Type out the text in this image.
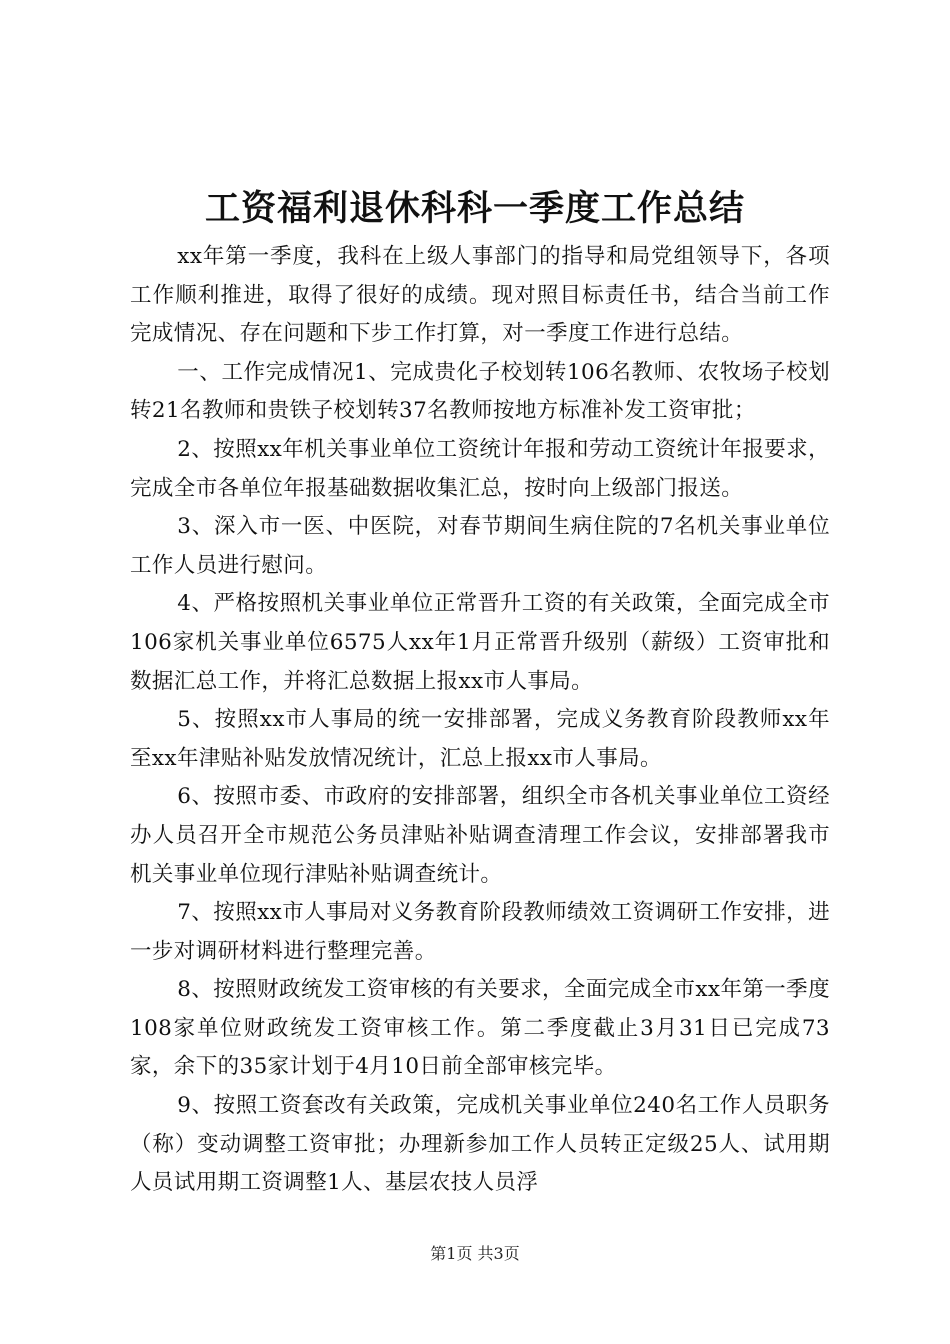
工资福利退休科科一季度工作总结

xx年第一季度，我科在上级人事部门的指导和局党组领导下，各项工作顺利推进，取得了很好的成绩。现对照目标责任书，结合当前工作完成情况、存在问题和下步工作打算，对一季度工作进行总结。

一、工作完成情况1、完成贵化子校划转106名教师、农牧场子校划转21名教师和贵铁子校划转37名教师按地方标准补发工资审批；

2、按照xx年机关事业单位工资统计年报和劳动工资统计年报要求，完成全市各单位年报基础数据收集汇总，按时向上级部门报送。

3、深入市一医、中医院，对春节期间生病住院的7名机关事业单位工作人员进行慰问。

4、严格按照机关事业单位正常晋升工资的有关政策，全面完成全市106家机关事业单位6575人xx年1月正常晋升级别（薪级）工资审批和数据汇总工作，并将汇总数据上报xx市人事局。

5、按照xx市人事局的统一安排部署，完成义务教育阶段教师xx年至xx年津贴补贴发放情况统计，汇总上报xx市人事局。

6、按照市委、市政府的安排部署，组织全市各机关事业单位工资经办人员召开全市规范公务员津贴补贴调查清理工作会议，安排部署我市机关事业单位现行津贴补贴调查统计。

7、按照xx市人事局对义务教育阶段教师绩效工资调研工作安排，进一步对调研材料进行整理完善。

8、按照财政统发工资审核的有关要求，全面完成全市xx年第一季度108家单位财政统发工资审核工作。第二季度截止3月31日已完成73家，余下的35家计划于4月10日前全部审核完毕。

9、按照工资套改有关政策，完成机关事业单位240名工作人员职务（称）变动调整工资审批；办理新参加工作人员转正定级25人、试用期人员试用期工资调整1人、基层农技人员浮

第1页 共3页
